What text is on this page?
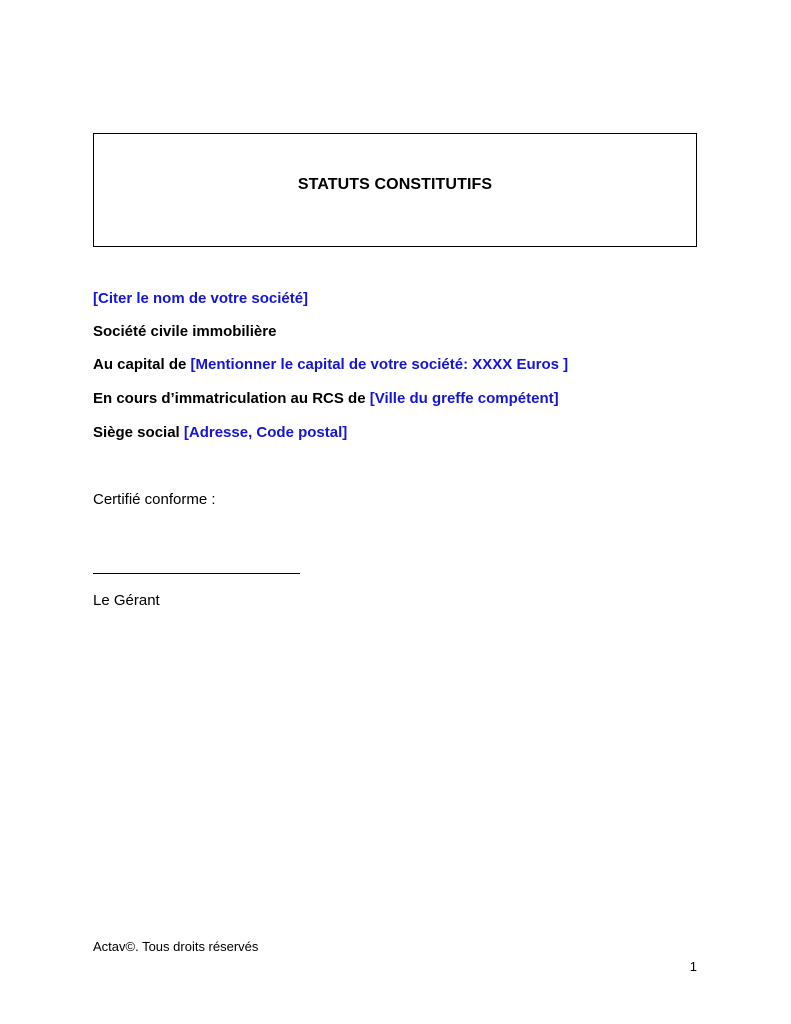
STATUTS CONSTITUTIFS
[Citer le nom de votre société]
Société civile immobilière
Au capital de [Mentionner le capital de votre société: XXXX Euros ]
En cours d’immatriculation au RCS de [Ville du greffe compétent]
Siège social [Adresse, Code postal]
Certifié conforme :
Le Gérant
Actav©. Tous droits réservés
1
